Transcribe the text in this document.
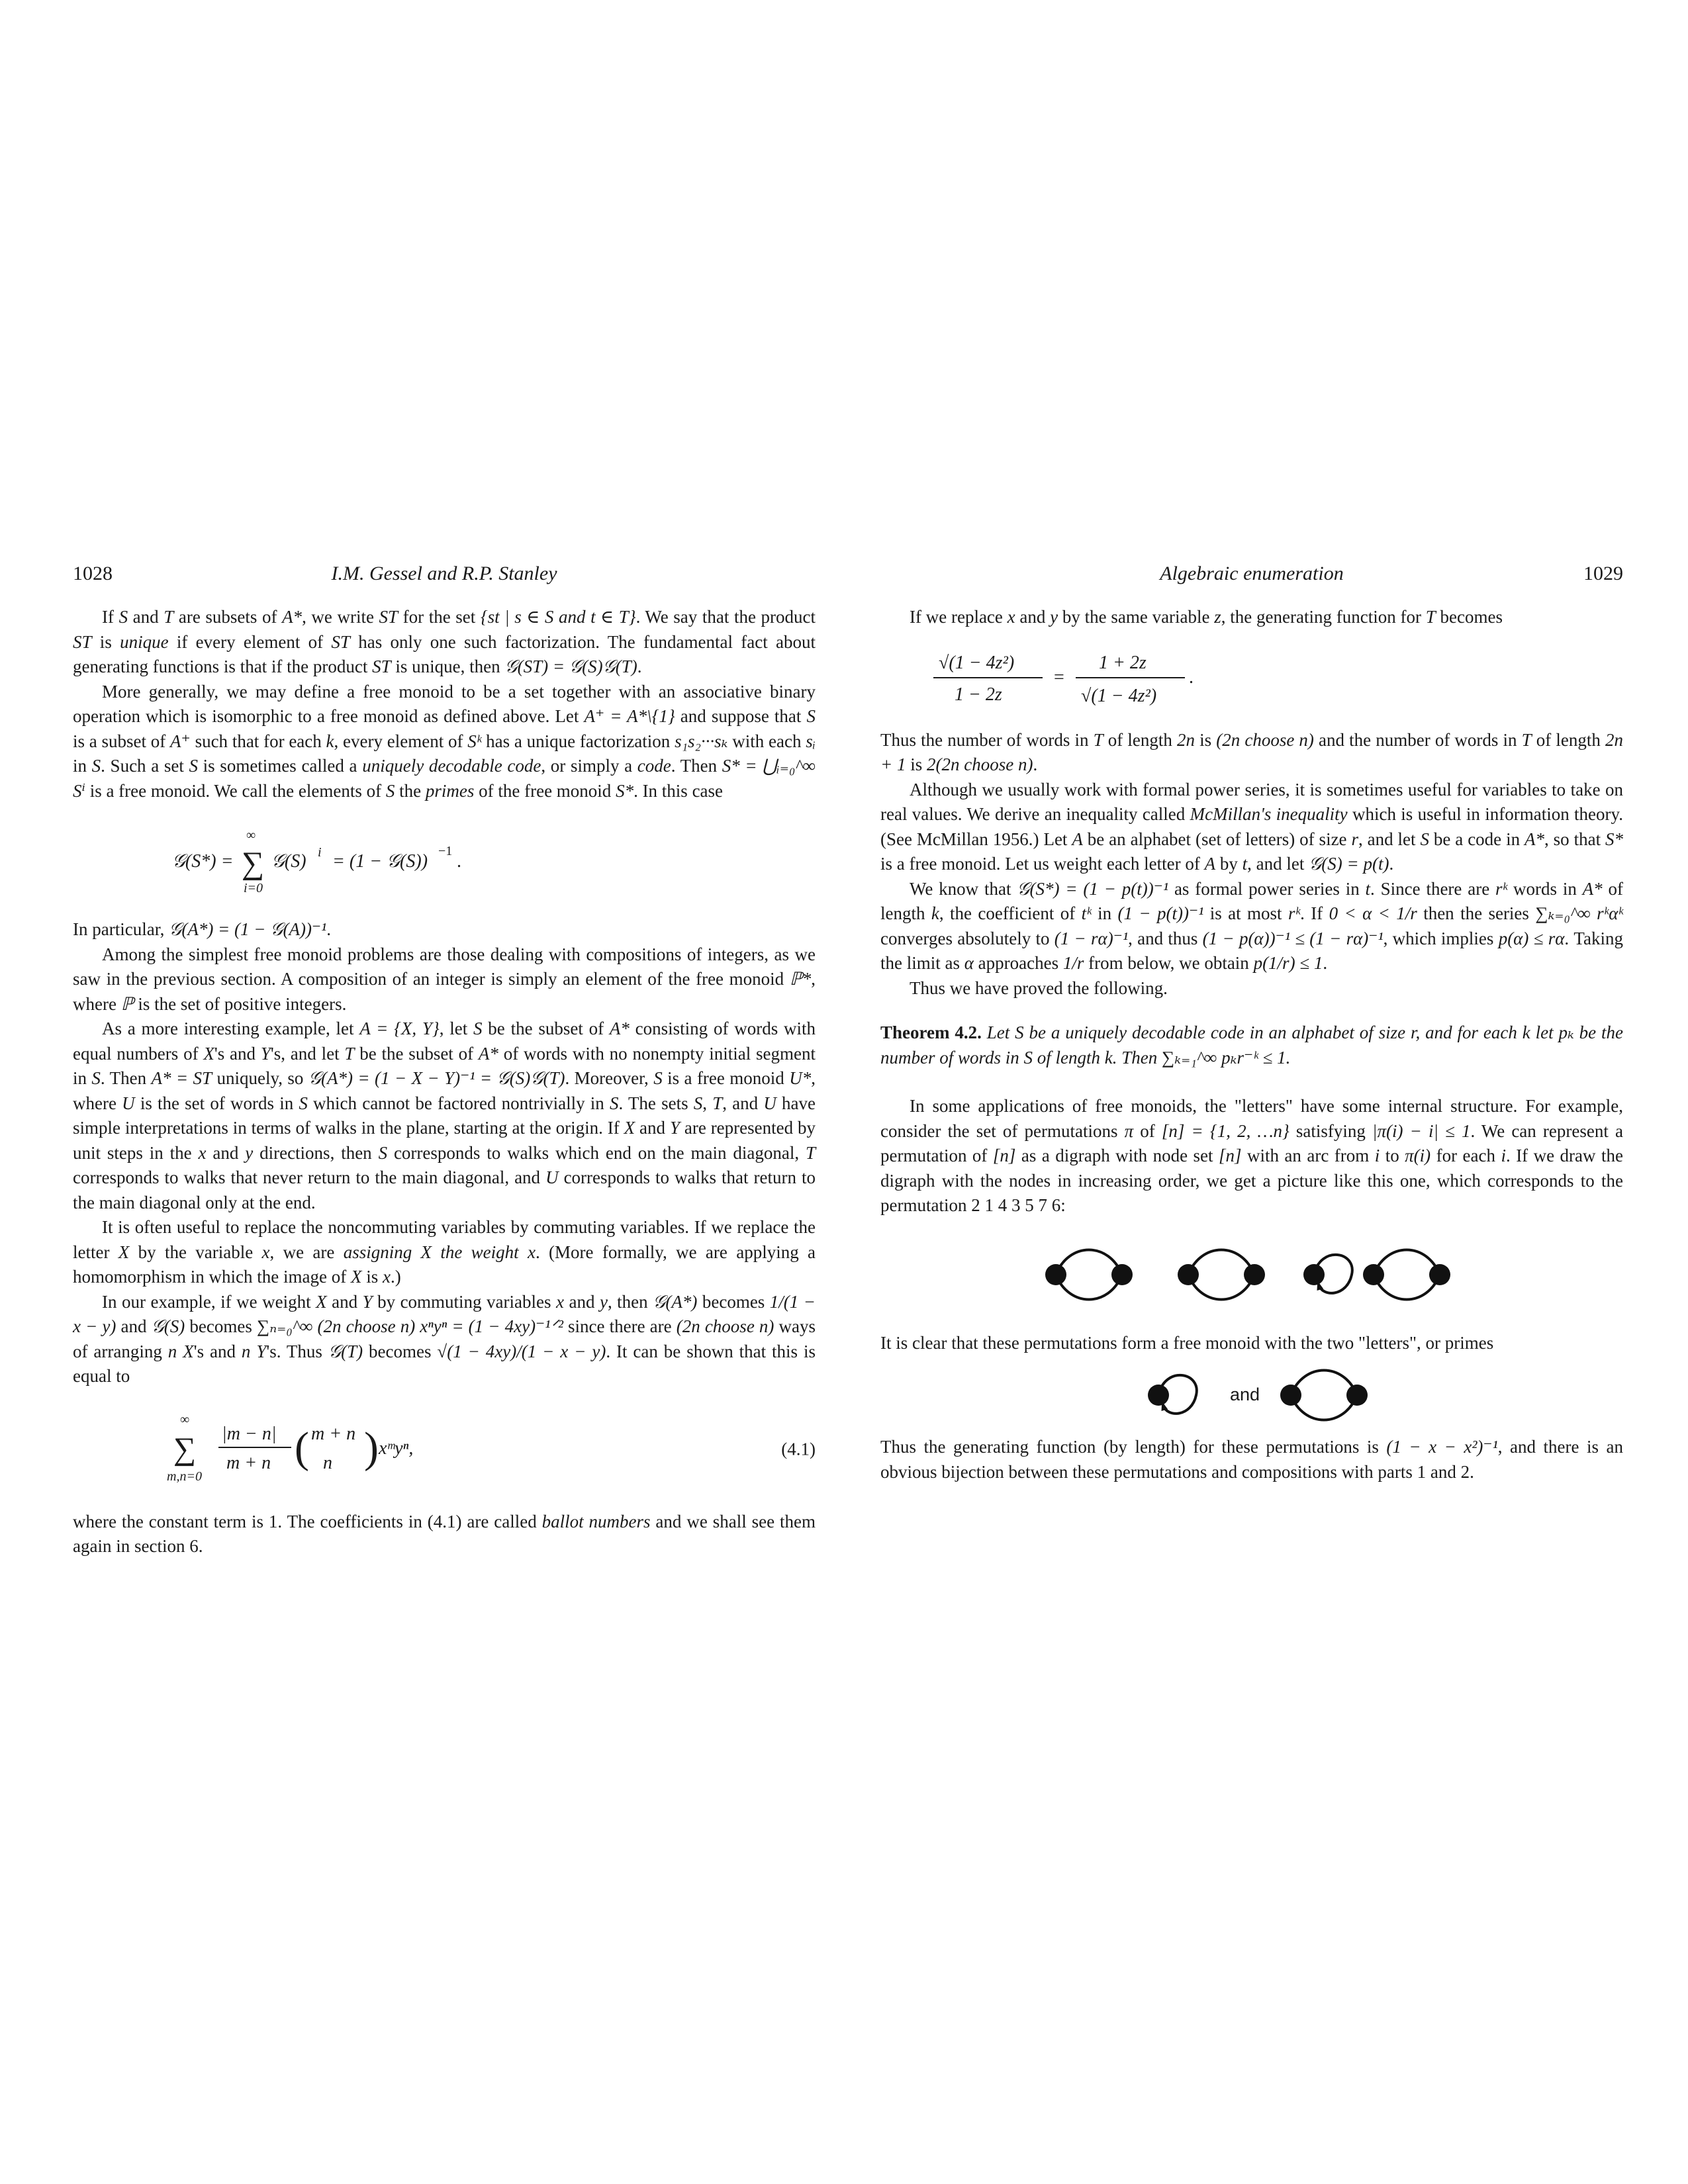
1028	I.M. Gessel and R.P. Stanley

If S and T are subsets of A*, we write ST for the set {st | s ∈ S and t ∈ T}. We say that the product ST is unique if every element of ST has only one such factorization. The fundamental fact about generating functions is that if the product ST is unique, then 𝒢(ST) = 𝒢(S)𝒢(T).

More generally, we may define a free monoid to be a set together with an associative binary operation which is isomorphic to a free monoid as defined above. Let A⁺ = A*\{1} and suppose that S is a subset of A⁺ such that for each k, every element of Sᵏ has a unique factorization s₁s₂···sₖ with each sᵢ in S. Such a set S is sometimes called a uniquely decodable code, or simply a code. Then S* = ⋃ᵢ₌₀^∞ Sⁱ is a free monoid. We call the elements of S the primes of the free monoid S*. In this case

𝒢(S*) =
∞
∑
i=0
𝒢(S) i = (1 − 𝒢(S)) −1 .

In particular, 𝒢(A*) = (1 − 𝒢(A))⁻¹.

Among the simplest free monoid problems are those dealing with compositions of integers, as we saw in the previous section. A composition of an integer is simply an element of the free monoid ℙ*, where ℙ is the set of positive integers.

As a more interesting example, let A = {X, Y}, let S be the subset of A* consisting of words with equal numbers of X's and Y's, and let T be the subset of A* of words with no nonempty initial segment in S. Then A* = ST uniquely, so 𝒢(A*) = (1 − X − Y)⁻¹ = 𝒢(S)𝒢(T). Moreover, S is a free monoid U*, where U is the set of words in S which cannot be factored nontrivially in S. The sets S, T, and U have simple interpretations in terms of walks in the plane, starting at the origin. If X and Y are represented by unit steps in the x and y directions, then S corresponds to walks which end on the main diagonal, T corresponds to walks that never return to the main diagonal, and U corresponds to walks that return to the main diagonal only at the end.

It is often useful to replace the noncommuting variables by commuting variables. If we replace the letter X by the variable x, we are assigning X the weight x. (More formally, we are applying a homomorphism in which the image of X is x.)

In our example, if we weight X and Y by commuting variables x and y, then 𝒢(A*) becomes 1/(1 − x − y) and 𝒢(S) becomes ∑ₙ₌₀^∞ (2n choose n) xⁿyⁿ = (1 − 4xy)⁻¹ᐟ² since there are (2n choose n) ways of arranging n X's and n Y's. Thus 𝒢(T) becomes √(1 − 4xy)/(1 − x − y). It can be shown that this is equal to

∞
∑
m,n=0
|m − n|
m + n ( m + n
n ) xᵐyⁿ,	(4.1)

where the constant term is 1. The coefficients in (4.1) are called ballot numbers and we shall see them again in section 6.

Algebraic enumeration	1029

If we replace x and y by the same variable z, the generating function for T becomes

√(1 − 4z²)
1 − 2z
=
1 + 2z
√(1 − 4z²)
.

Thus the number of words in T of length 2n is (2n choose n) and the number of words in T of length 2n + 1 is 2(2n choose n).

Although we usually work with formal power series, it is sometimes useful for variables to take on real values. We derive an inequality called McMillan's inequality which is useful in information theory. (See McMillan 1956.) Let A be an alphabet (set of letters) of size r, and let S be a code in A*, so that S* is a free monoid. Let us weight each letter of A by t, and let 𝒢(S) = p(t).

We know that 𝒢(S*) = (1 − p(t))⁻¹ as formal power series in t. Since there are rᵏ words in A* of length k, the coefficient of tᵏ in (1 − p(t))⁻¹ is at most rᵏ. If 0 < α < 1/r then the series ∑ₖ₌₀^∞ rᵏαᵏ converges absolutely to (1 − rα)⁻¹, and thus (1 − p(α))⁻¹ ≤ (1 − rα)⁻¹, which implies p(α) ≤ rα. Taking the limit as α approaches 1/r from below, we obtain p(1/r) ≤ 1.

Thus we have proved the following.

Theorem 4.2. Let S be a uniquely decodable code in an alphabet of size r, and for each k let pₖ be the number of words in S of length k. Then ∑ₖ₌₁^∞ pₖr⁻ᵏ ≤ 1.

In some applications of free monoids, the "letters" have some internal structure. For example, consider the set of permutations π of [n] = {1, 2, …n} satisfying |π(i) − i| ≤ 1. We can represent a permutation of [n] as a digraph with node set [n] with an arc from i to π(i) for each i. If we draw the digraph with the nodes in increasing order, we get a picture like this one, which corresponds to the permutation 2 1 4 3 5 7 6:

It is clear that these permutations form a free monoid with the two "letters", or primes

and

Thus the generating function (by length) for these permutations is (1 − x − x²)⁻¹, and there is an obvious bijection between these permutations and compositions with parts 1 and 2.
